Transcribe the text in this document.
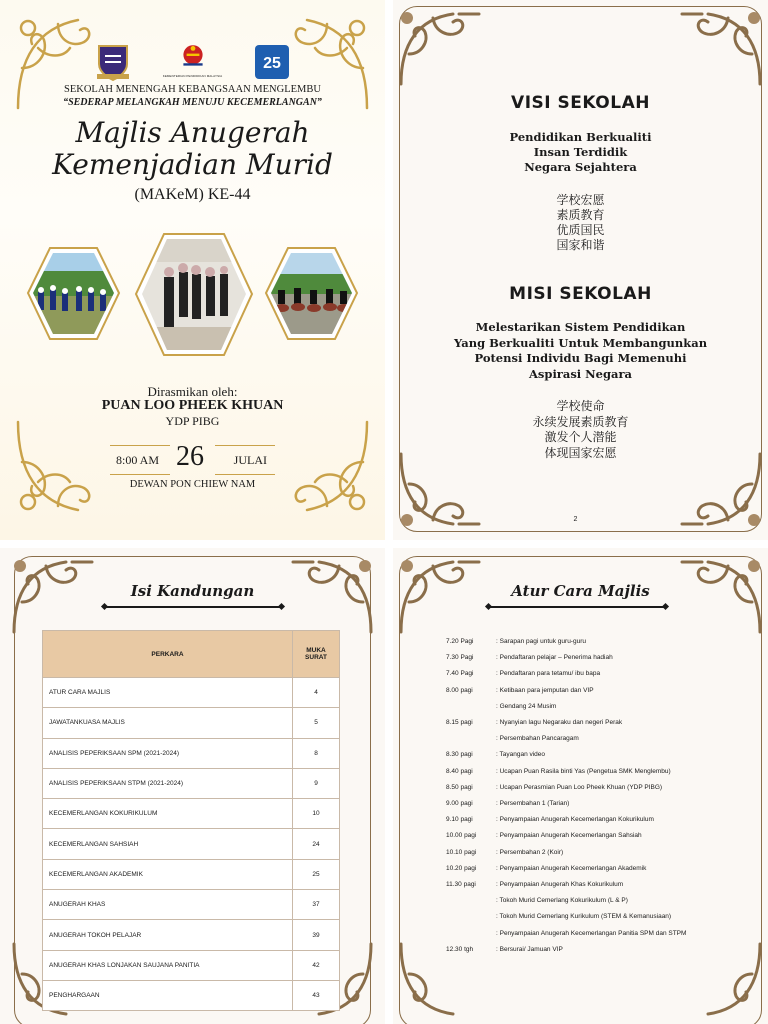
KEMENTERIAN PENDIDIKAN MALAYSIA
25
SEKOLAH MENENGAH KEBANGSAAN MENGLEMBU
“SEDERAP MELANGKAH MENUJU KECEMERLANGAN”
Majlis Anugerah
Kemenjadian Murid
(MAKeM) KE-44
Dirasmikan oleh:
PUAN LOO PHEEK KHUAN
YDP PIBG
8:00 AM 26 JULAI
DEWAN PON CHIEW NAM
VISI SEKOLAH
Pendidikan Berkualiti
Insan Terdidik
Negara Sejahtera
学校宏愿
素质教育
优质国民
国家和谐
MISI SEKOLAH
Melestarikan Sistem Pendidikan
Yang Berkualiti Untuk Membangunkan
Potensi Individu Bagi Memenuhi
Aspirasi Negara
学校使命
永续发展素质教育
激发个人潜能
体现国家宏愿
2
Isi Kandungan
PERKARA	MUKA
SURAT

ATUR CARA MAJLIS	4
JAWATANKUASA MAJLIS	5
ANALISIS PEPERIKSAAN SPM (2021-2024)	8
ANALISIS PEPERIKSAAN STPM (2021-2024)	9
KECEMERLANGAN KOKURIKULUM	10
KECEMERLANGAN SAHSIAH	24
KECEMERLANGAN AKADEMIK	25
ANUGERAH KHAS	37
ANUGERAH TOKOH PELAJAR	39
ANUGERAH KHAS LONJAKAN SAUJANA PANITIA	42
PENGHARGAAN	43
Atur Cara Majlis
7.20 Pagi	: Sarapan pagi untuk guru-guru
7.30 Pagi	: Pendaftaran pelajar – Penerima hadiah
7.40 Pagi	: Pendaftaran para tetamu/ ibu bapa
8.00 pagi	: Ketibaan para jemputan dan VIP
: Gendang 24 Musim
8.15 pagi	: Nyanyian lagu Negaraku dan negeri Perak
: Persembahan Pancaragam
8.30 pagi	: Tayangan video
8.40 pagi	: Ucapan Puan Rasila binti Yas (Pengetua SMK Menglembu)
8.50 pagi	: Ucapan Perasmian Puan Loo Pheek Khuan (YDP PIBG)
9.00 pagi	: Persembahan 1 (Tarian)
9.10 pagi	: Penyampaian Anugerah Kecemerlangan Kokurikulum
10.00 pagi	: Penyampaian Anugerah Kecemerlangan Sahsiah
10.10 pagi	: Persembahan 2 (Koir)
10.20 pagi	: Penyampaian Anugerah Kecemerlangan Akademik
11.30 pagi	: Penyampaian Anugerah Khas Kokurikulum
: Tokoh Murid Cemerlang Kokurikulum (L & P)
: Tokoh Murid Cemerlang Kurikulum (STEM & Kemanusiaan)
: Penyampaian Anugerah Kecemerlangan Panitia SPM dan STPM
12.30 tgh	: Bersurai/ Jamuan VIP
